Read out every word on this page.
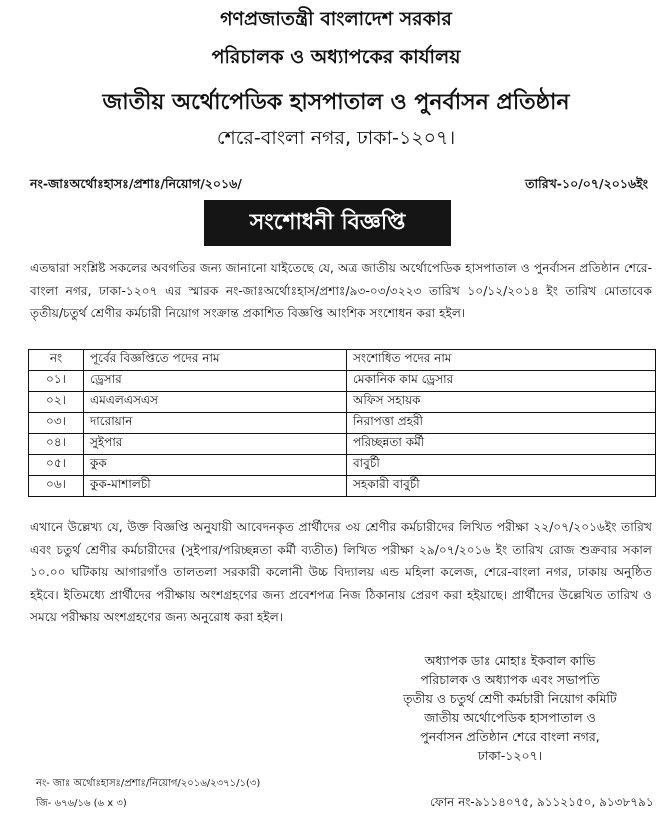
গণপ্রজাতন্ত্রী বাংলাদেশ সরকার
পরিচালক ও অধ্যাপকের কার্যালয়
জাতীয় অর্থোপেডিক হাসপাতাল ও পুনর্বাসন প্রতিষ্ঠান
শেরে-বাংলা নগর, ঢাকা-১২০৭।
নং-জাঃঅর্থোঃহাসঃ/প্রশাঃ/নিয়োগ/২০১৬/	তারিখ-১০/০৭/২০১৬ইং
সংশোধনী বিজ্ঞপ্তি
এতদ্বারা সংশ্লিষ্ট সকলের অবগতির জন্য জানানো যাইতেছে যে, অত্র জাতীয় অর্থোপেডিক হাসপাতাল ও পুনর্বাসন প্রতিষ্ঠান শেরে-বাংলা নগর, ঢাকা-১২০৭ এর স্মারক নং-জাঃঅর্থোঃহাস/প্রশাঃ/৯৩-০৩/৩২২৩ তারিখ ১০/১২/২০১৪ ইং তারিখ মোতাবেক তৃতীয়/চতুর্থ শ্রেণীর কর্মচারী নিয়োগ সংক্রান্ত প্রকাশিত বিজ্ঞপ্তি আংশিক সংশোধন করা হইল।
নং	পূর্বের বিজ্ঞপ্তিতে পদের নাম	সংশোধিত পদের নাম
০১।	ড্রেসার	মেকানিক কাম ড্রেসার
০২।	এমএলএসএস	অফিস সহায়ক
০৩।	দারোয়ান	নিরাপত্তা প্রহরী
০৪।	সুইপার	পরিচ্ছন্নতা কর্মী
০৫।	কুক	বাবুর্চী
০৬।	কুক-মাশালচী	সহকারী বাবুর্চী
এখানে উল্লেখ্য যে, উক্ত বিজ্ঞপ্তি অনুযায়ী আবেদনকৃত প্রার্থীদের ৩য় শ্রেণীর কর্মচারীদের লিখিত পরীক্ষা ২২/০৭/২০১৬ইং তারিখ এবং চতুর্থ শ্রেণীর কর্মচারীদের (সুইপার/পরিচ্ছন্নতা কর্মী ব্যতীত) লিখিত পরীক্ষা ২৯/০৭/২০১৬ ইং তারিখ রোজ শুক্রবার সকাল ১০.০০ ঘটিকায় আগারগাঁও তালতলা সরকারী কলোনী উচ্চ বিদ্যালয় এন্ড মহিলা কলেজ, শেরে-বাংলা নগর, ঢাকায় অনুষ্ঠিত হইবে। ইতিমধ্যে প্রার্থীদের পরীক্ষায় অংশগ্রহণের জন্য প্রবেশপত্র নিজ ঠিকানায় প্রেরণ করা হইয়াছে। প্রার্থীদের উল্লেখিত তারিখ ও সময়ে পরীক্ষায় অংশগ্রহণের জন্য অনুরোধ করা হইল।
অধ্যাপক ডাঃ মোহাঃ ইকবাল কাভি
পরিচালক ও অধ্যাপক এবং সভাপতি
তৃতীয় ও চতুর্থ শ্রেণী কর্মচারী নিয়োগ কমিটি
জাতীয় অর্থোপেডিক হাসপাতাল ও
পুনর্বাসন প্রতিষ্ঠান শেরে বাংলা নগর,
ঢাকা-১২০৭।
ফোন নং-৯১১৪০৭৫, ৯১১২১৫০, ৯১৩৮৭৯১
নং- জাঃ অর্থোঃহাসঃ/প্রশাঃ/নিয়োগ/২০১৬/২৩৭১/১(৩)
জি- ৬৭৬/১৬ (৬ x ৩)
